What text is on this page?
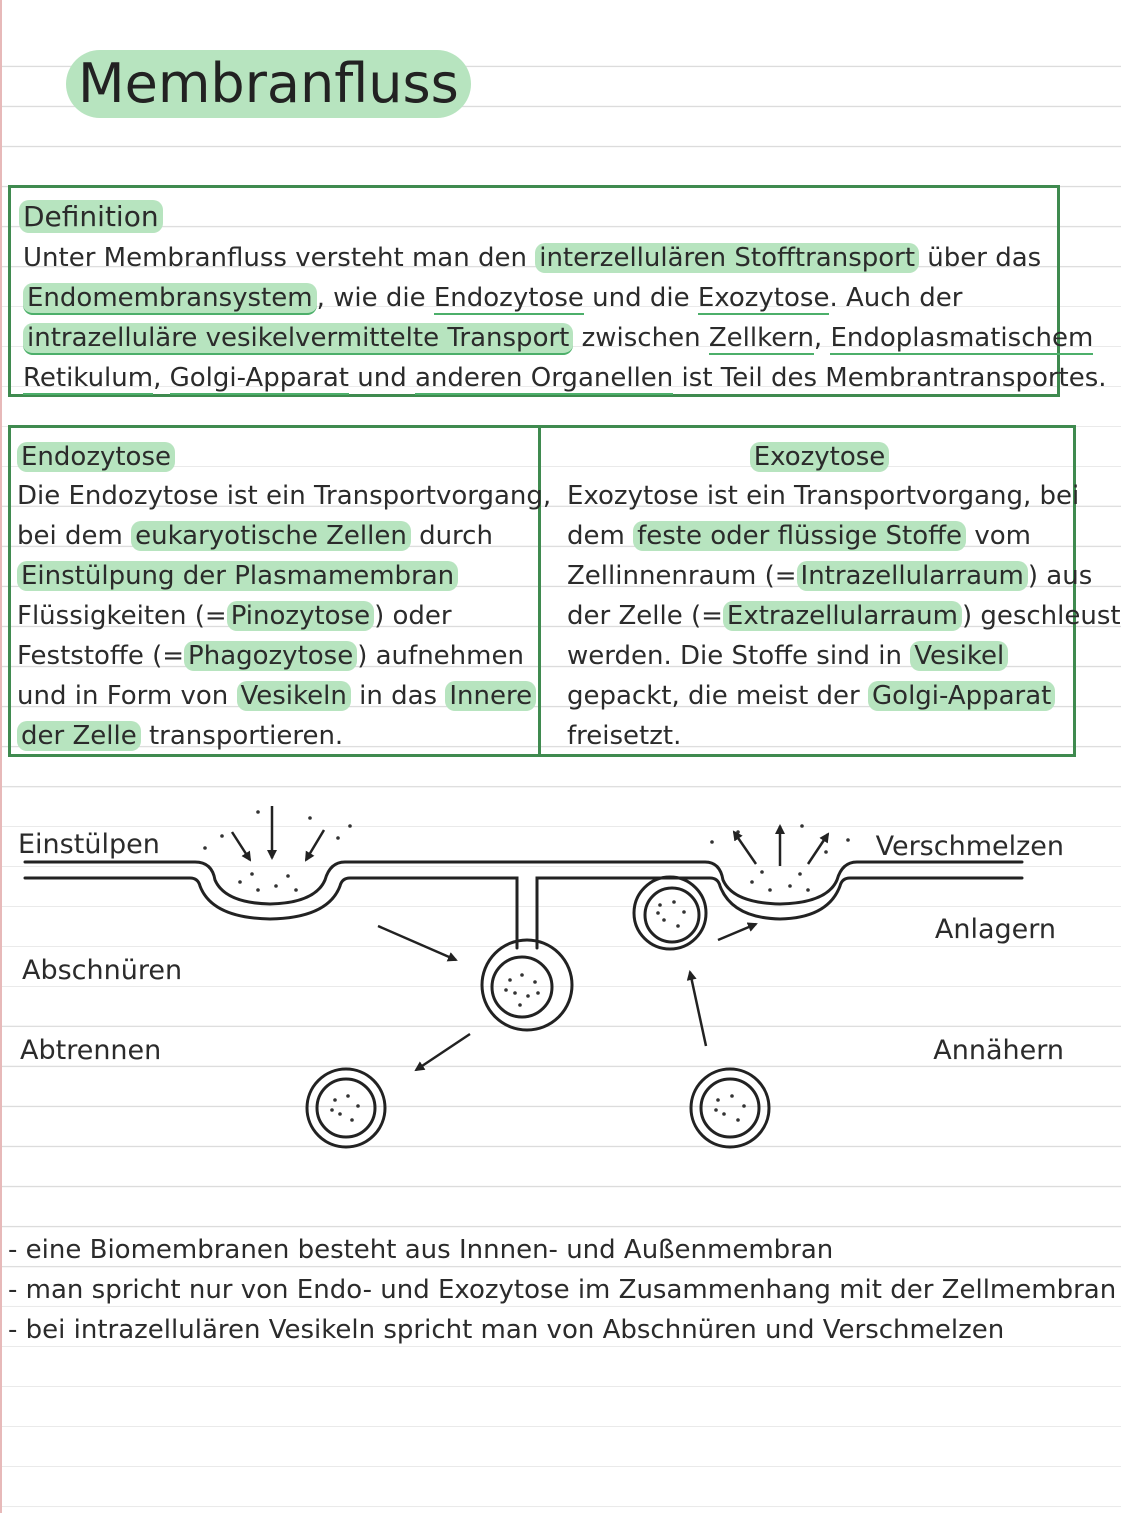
Membranfluss
Definition
Unter Membranfluss versteht man den interzellulären Stofftransport über das
Endomembransystem , wie die Endozytose und die Exozytose. Auch der
intrazelluläre vesikelvermittelte Transport zwischen Zellkern, Endoplasmatischem
Retikulum, Golgi-Apparat und anderen Organellen ist Teil des Membrantransportes.
Endozytose
Die Endozytose ist ein Transportvorgang,
bei dem eukaryotische Zellen durch
Einstülpung der Plasmamembran
Flüssigkeiten (= Pinozytose ) oder
Feststoffe (= Phagozytose ) aufnehmen
und in Form von Vesikeln in das Innere
der Zelle transportieren.
Exozytose
Exozytose ist ein Transportvorgang, bei
dem feste oder flüssige Stoffe vom
Zellinnenraum (= Intrazellularraum ) aus
der Zelle (= Extrazellularraum ) geschleust
werden. Die Stoffe sind in Vesikel
gepackt, die meist der Golgi-Apparat
freisetzt.
Einstülpen
Abschnüren
Abtrennen
Verschmelzen
Anlagern
Annähern
- eine Biomembranen besteht aus Innnen- und Außenmembran
- man spricht nur von Endo- und Exozytose im Zusammenhang mit der Zellmembran
- bei intrazellulären Vesikeln spricht man von Abschnüren und Verschmelzen
